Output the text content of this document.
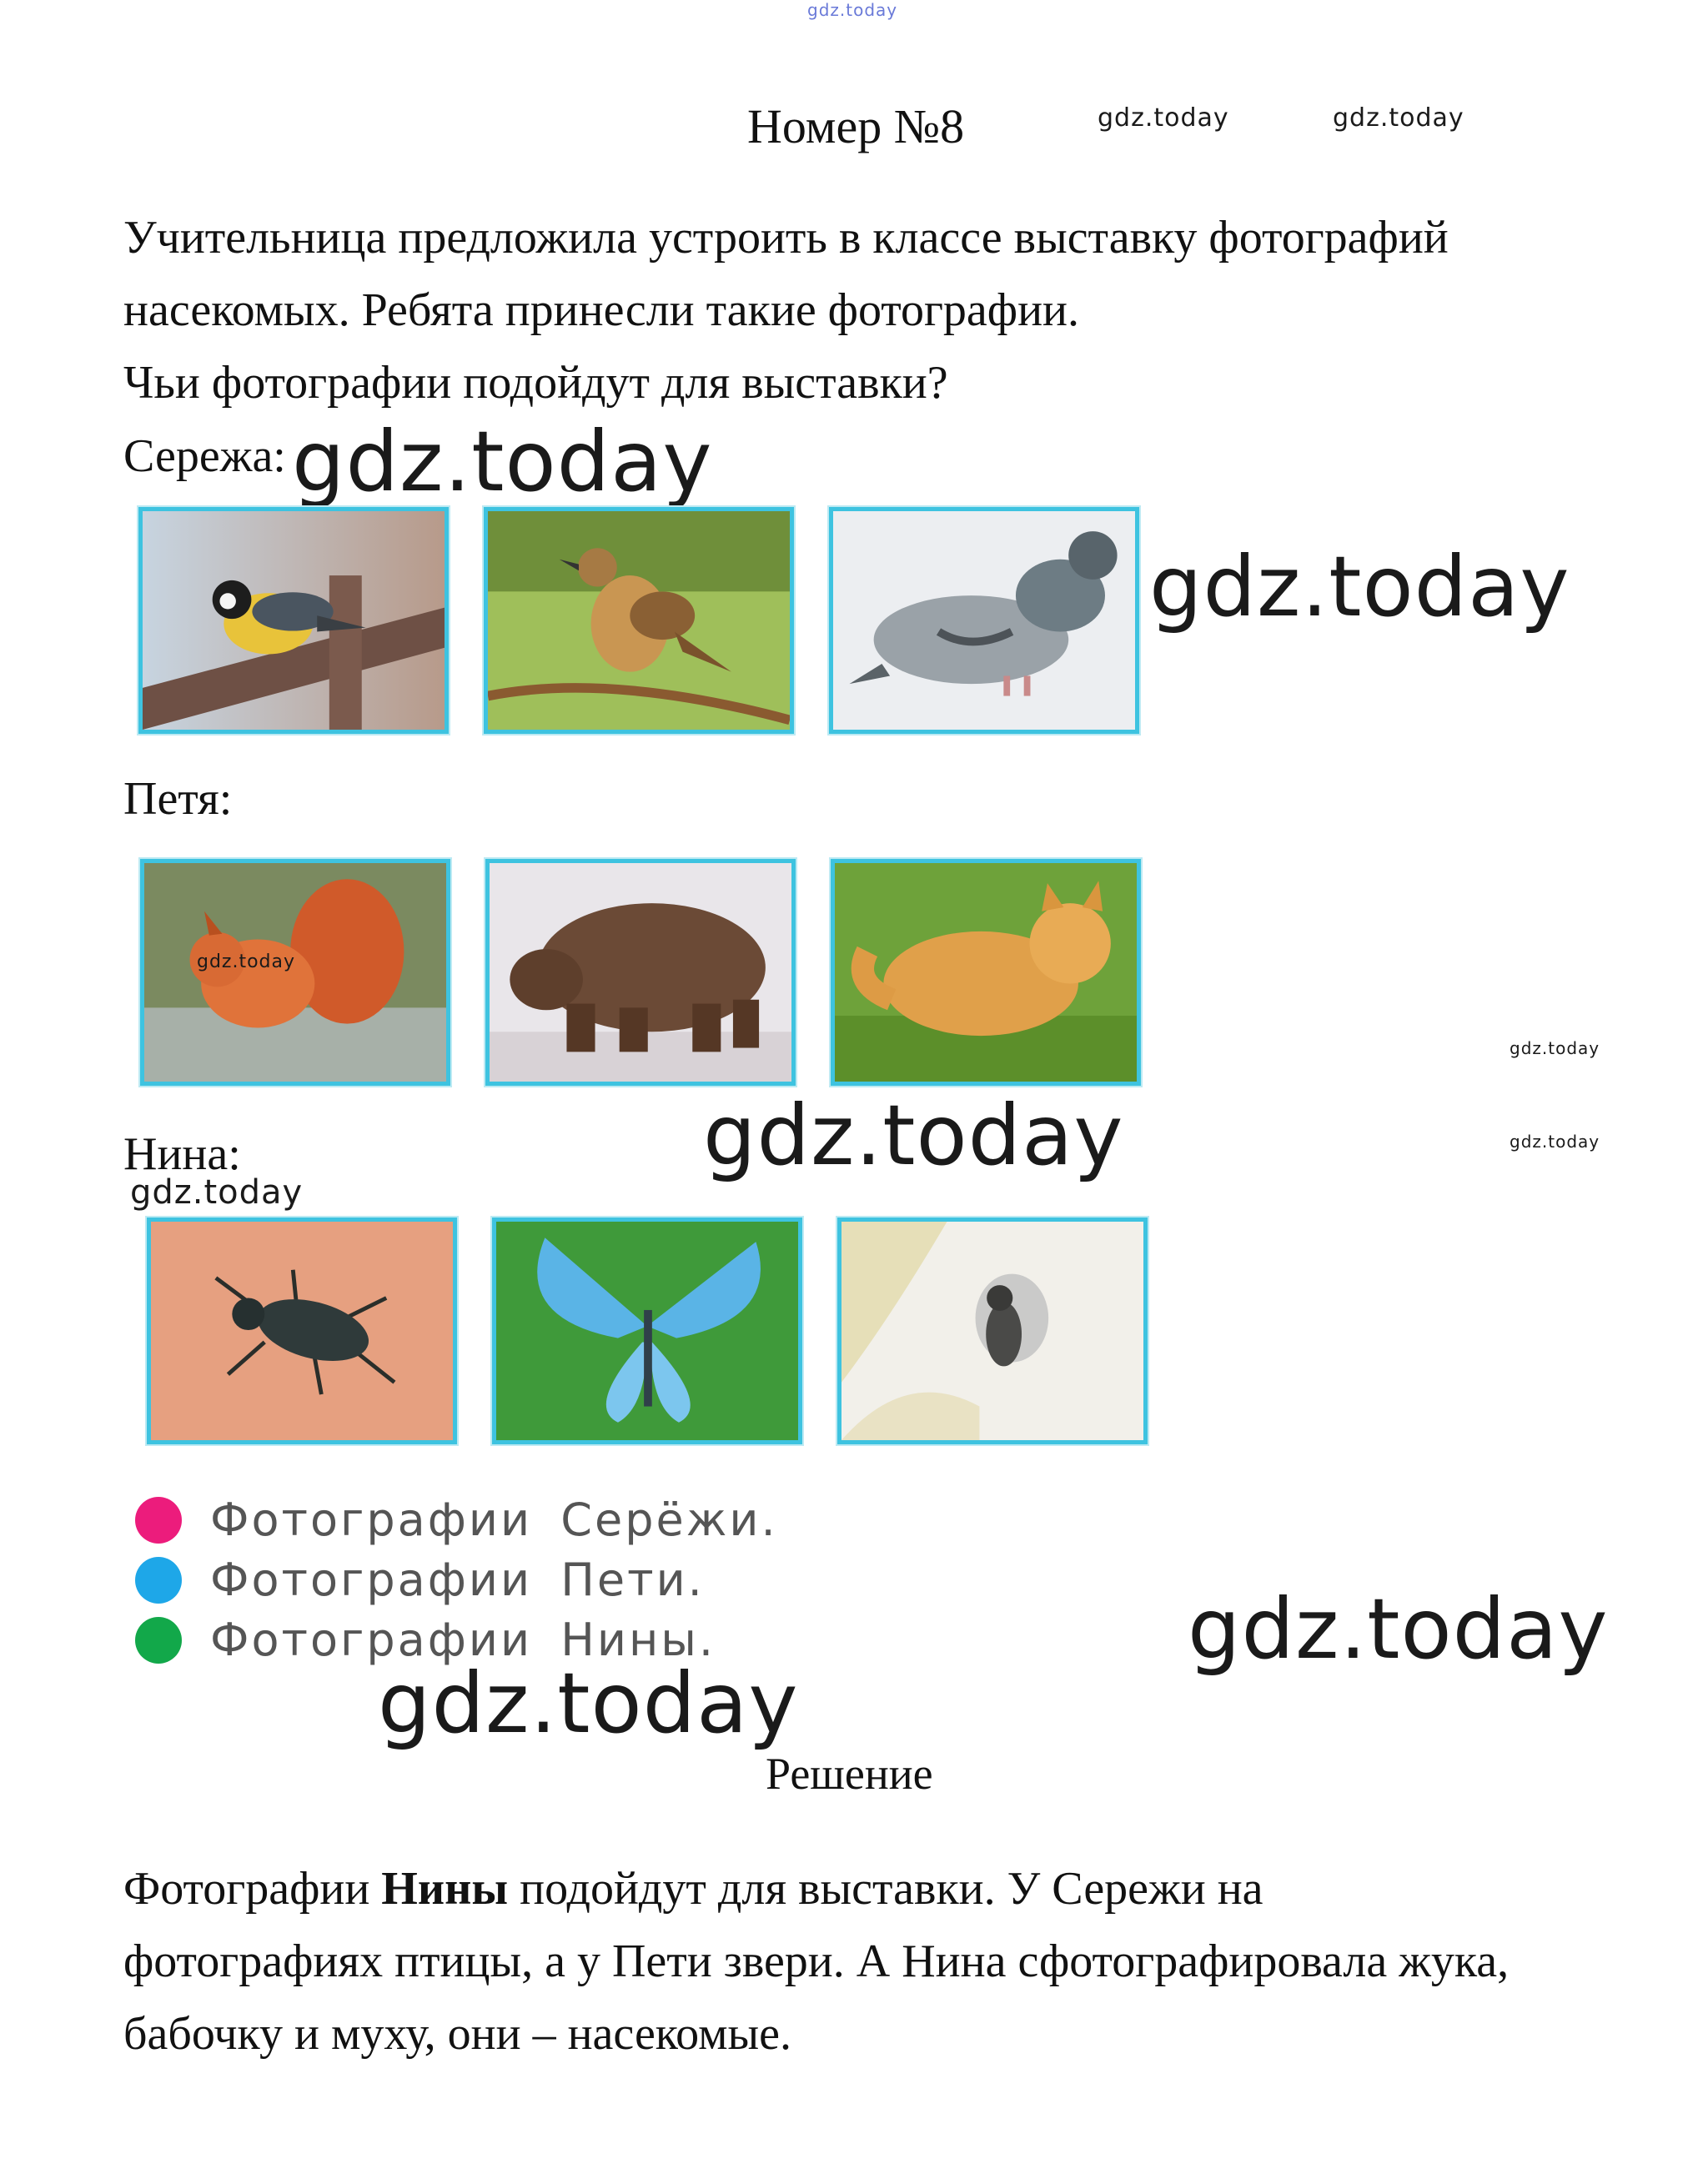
gdz.today
gdz.today	gdz.today
gdz.today
gdz.today
gdz.today
gdz.today	gdz.today
gdz.today
gdz.today
gdz.today
Номер №8
Учительница предложила устроить в классе выставку фотографий
насекомых. Ребята принесли такие фотографии.
Чьи фотографии подойдут для выставки?
Сережа:
Петя:
gdz.today
Нина:
Фотографии Серёжи.
Фотографии Пети.
Фотографии Нины.
Решение
Фотографии Нины подойдут для выставки. У Сережи на
фотографиях птицы, а у Пети звери. А Нина сфотографировала жука,
бабочку и муху, они – насекомые.
